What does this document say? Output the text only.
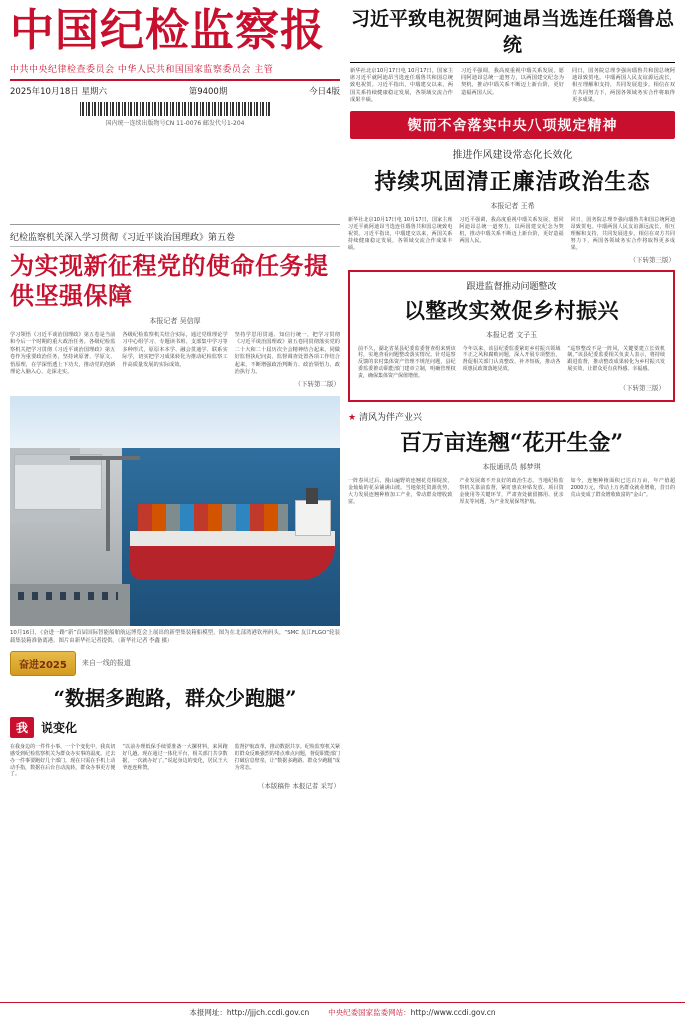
中国纪检监察报
中共中央纪律检查委员会 中华人民共和国国家监察委员会 主管
2025年10月18日 星期六	第9400期	今日4版
国内统一连续出版物号CN 11-0076 邮发代号1-204
习近平致电祝贺阿迪昂当选连任瑙鲁总统
新华社北京10月17日电 10月17日，国家主席习近平就阿迪昂当选连任瑙鲁共和国总统致电祝贺。习近平指出，中瑙建交以来，两国关系持续健康稳定发展，各领域交流合作成果丰硕。
习近平强调，我高度重视中瑙关系发展，愿同阿迪昂总统一道努力，以两国建交纪念为契机，推动中瑙关系不断迈上新台阶，更好造福两国人民。
同日，国务院总理李强向瑙鲁共和国总统阿迪昂致贺电。中瑙两国人民友谊源远流长，相互理解和支持，共同发展进步。相信在双方共同努力下，两国各领域务实合作将取得更多成果。
锲而不舍落实中央八项规定精神
推进作风建设常态化长效化
持续巩固清正廉洁政治生态
本报记者 王希
纪检监察机关深入学习贯彻《习近平谈治国理政》第五卷
为实现新征程党的使命任务提供坚强保障
本报记者 吴信厚
学习领悟《习近平谈治国理政》第五卷是当前和今后一个时期的重大政治任务。各级纪检监察机关把学习贯彻《习近平谈治国理政》第五卷作为重要政治任务，坚持读原著、学原文、悟原理，在学深悟透上下功夫，推动党的创新理论入脑入心、走深走实。
各级纪检监察机关结合实际，通过党组理论学习中心组学习、专题读书班、支部集中学习等多种形式，原原本本学、融会贯通学、联系实际学，切实把学习成果转化为推动纪检监察工作高质量发展的实际成效。
坚持学思用贯通、知信行统一，把学习贯彻《习近平谈治国理政》第五卷同贯彻落实党的二十大和二十届历次全会精神结合起来，同做好监督执纪问责、监督调查处置各项工作结合起来，不断增强政治判断力、政治领悟力、政治执行力。
（下转第二版）
10月16日，《奋进一路“新”首届国际智能船舶航运博览会上展出的新型集装箱船模型，图为在北部湾港钦州码头，“SMC 友江FLGO”轮装载集装箱准备离港。图片由新华社记者提供。（新华社记者 李鑫 摄）
奋进2025	来自一线的报道
“数据多跑路，群众少跑腿”
我	说变化
在我身边的一件件小事、一个个变化中，我真切感受到纪检监察机关为群众办实事的温度。过去办一件事要跑好几个部门，现在只需在手机上动动手指，数据在后台自动流转，群众办事更方便了。
“以前办理低保手续要准备一大摞材料，来回跑好几趟。现在通过一体化平台，相关部门共享数据，一次就办好了。”说起身边的变化，居民王大爷连连称赞。
监督护航改革，推动数据共享。纪检监察机关紧盯群众反映强烈的堵点难点问题，督促职能部门打破信息壁垒，让“数据多跑路、群众少跑腿”成为常态。
（本版稿件 本报记者 采写）
新华社北京10月17日电 10月17日，国家主席习近平就阿迪昂当选连任瑙鲁共和国总统致电祝贺。习近平指出，中瑙建交以来，两国关系持续健康稳定发展，各领域交流合作成果丰硕。
习近平强调，我高度重视中瑙关系发展，愿同阿迪昂总统一道努力，以两国建交纪念为契机，推动中瑙关系不断迈上新台阶，更好造福两国人民。
同日，国务院总理李强向瑙鲁共和国总统阿迪昂致贺电。中瑙两国人民友谊源远流长，相互理解和支持，共同发展进步。相信在双方共同努力下，两国各领域务实合作将取得更多成果。
（下转第三版）
跟进监督推动问题整改
以整改实效促乡村振兴
本报记者 文子玉
前不久，湖北省某县纪委监委督查组来到该村，实地查看问题整改落实情况。针对巡察反馈的农村集体资产管理不规范问题，县纪委监委推动职能部门建章立制，明确管理权责，确保集体资产保值增值。
今年以来，该县纪委监委紧盯乡村振兴领域不正之风和腐败问题，深入开展专项整治，督促相关部门认真整改、补齐短板，推动各项惠民政策落地见效。
“巡察整改不是一阵风，关键要建立长效机制。”该县纪委监委相关负责人表示，将持续跟进监督，推动整改成果转化为乡村振兴发展实效，让群众更有获得感、幸福感。
（下转第三版）
★ 清风为伴产业兴
百万亩连翘“花开生金”
本报通讯员 郝梦琪
一阵春风过后，漫山遍野的连翘花竞相绽放，金灿灿的花朵铺满山坡。当地依托资源优势，大力发展连翘种植加工产业，带动群众增收致富。
产业发展离不开良好的政治生态。当地纪检监察机关靠前监督，紧盯惠农补贴发放、项目资金使用等关键环节，严肃查处截留挪用、优亲厚友等问题，为产业发展保驾护航。
如今，连翘种植面积已达百万亩，年产值超2000万元，带动上万名群众就业增收，昔日的荒山变成了群众增收致富的“金山”。
本报网址：http://jjjch.ccdi.gov.cn	中央纪委国家监委网站：http://www.ccdi.gov.cn
